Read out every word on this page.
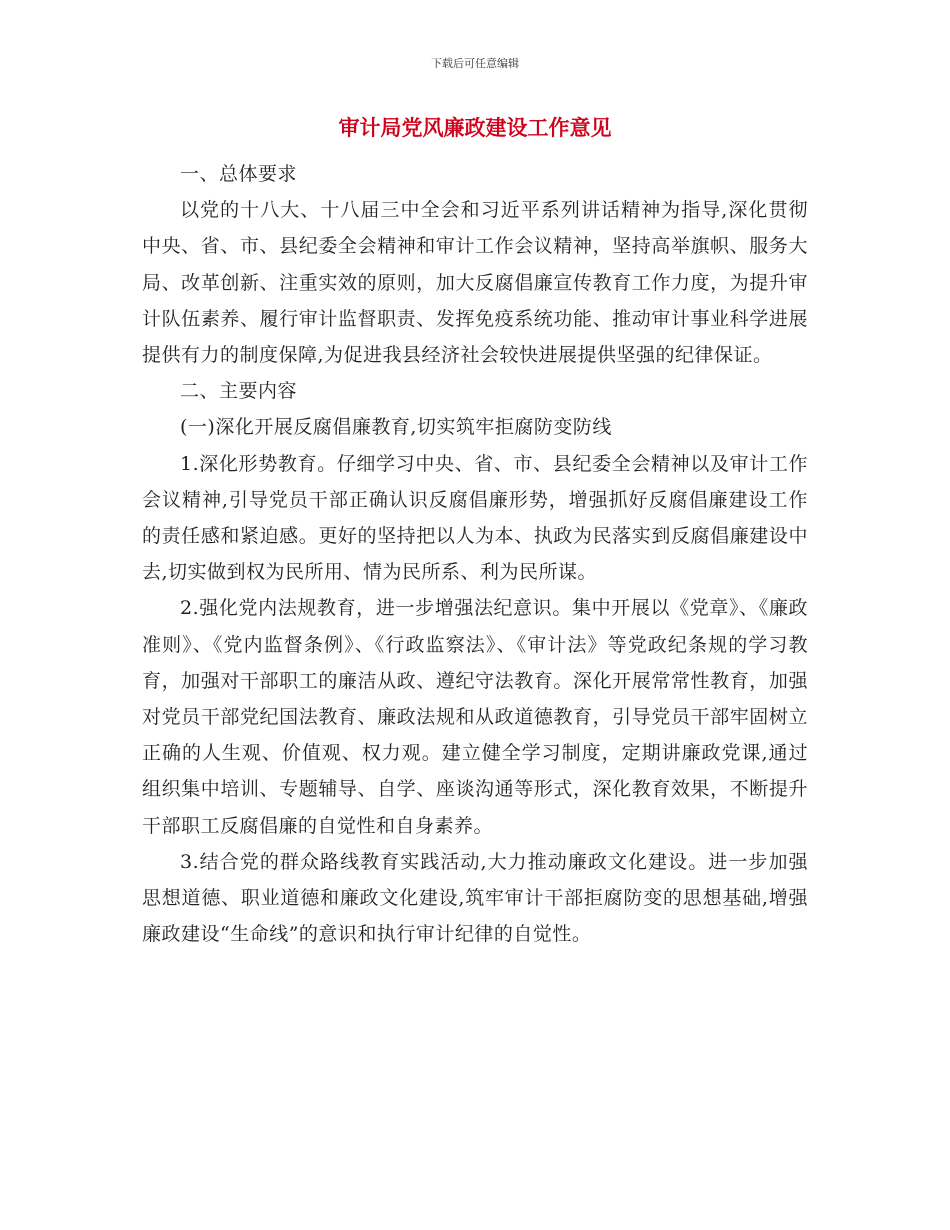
下载后可任意编辑
审计局党风廉政建设工作意见

一、总体要求

以党的十八大、十八届三中全会和习近平系列讲话精神为指导,深化贯彻中央、省、市、县纪委全会精神和审计工作会议精神，坚持高举旗帜、服务大局、改革创新、注重实效的原则，加大反腐倡廉宣传教育工作力度，为提升审计队伍素养、履行审计监督职责、发挥免疫系统功能、推动审计事业科学进展提供有力的制度保障,为促进我县经济社会较快进展提供坚强的纪律保证。

二、主要内容

(一)深化开展反腐倡廉教育,切实筑牢拒腐防变防线

1.深化形势教育。仔细学习中央、省、市、县纪委全会精神以及审计工作会议精神,引导党员干部正确认识反腐倡廉形势，增强抓好反腐倡廉建设工作的责任感和紧迫感。更好的坚持把以人为本、执政为民落实到反腐倡廉建设中去,切实做到权为民所用、情为民所系、利为民所谋。

2.强化党内法规教育，进一步增强法纪意识。集中开展以《党章》、《廉政准则》、《党内监督条例》、《行政监察法》、《审计法》等党政纪条规的学习教育，加强对干部职工的廉洁从政、遵纪守法教育。深化开展常常性教育，加强对党员干部党纪国法教育、廉政法规和从政道德教育，引导党员干部牢固树立正确的人生观、价值观、权力观。建立健全学习制度，定期讲廉政党课,通过组织集中培训、专题辅导、自学、座谈沟通等形式，深化教育效果，不断提升干部职工反腐倡廉的自觉性和自身素养。

3.结合党的群众路线教育实践活动,大力推动廉政文化建设。进一步加强思想道德、职业道德和廉政文化建设,筑牢审计干部拒腐防变的思想基础,增强廉政建设“生命线”的意识和执行审计纪律的自觉性。
